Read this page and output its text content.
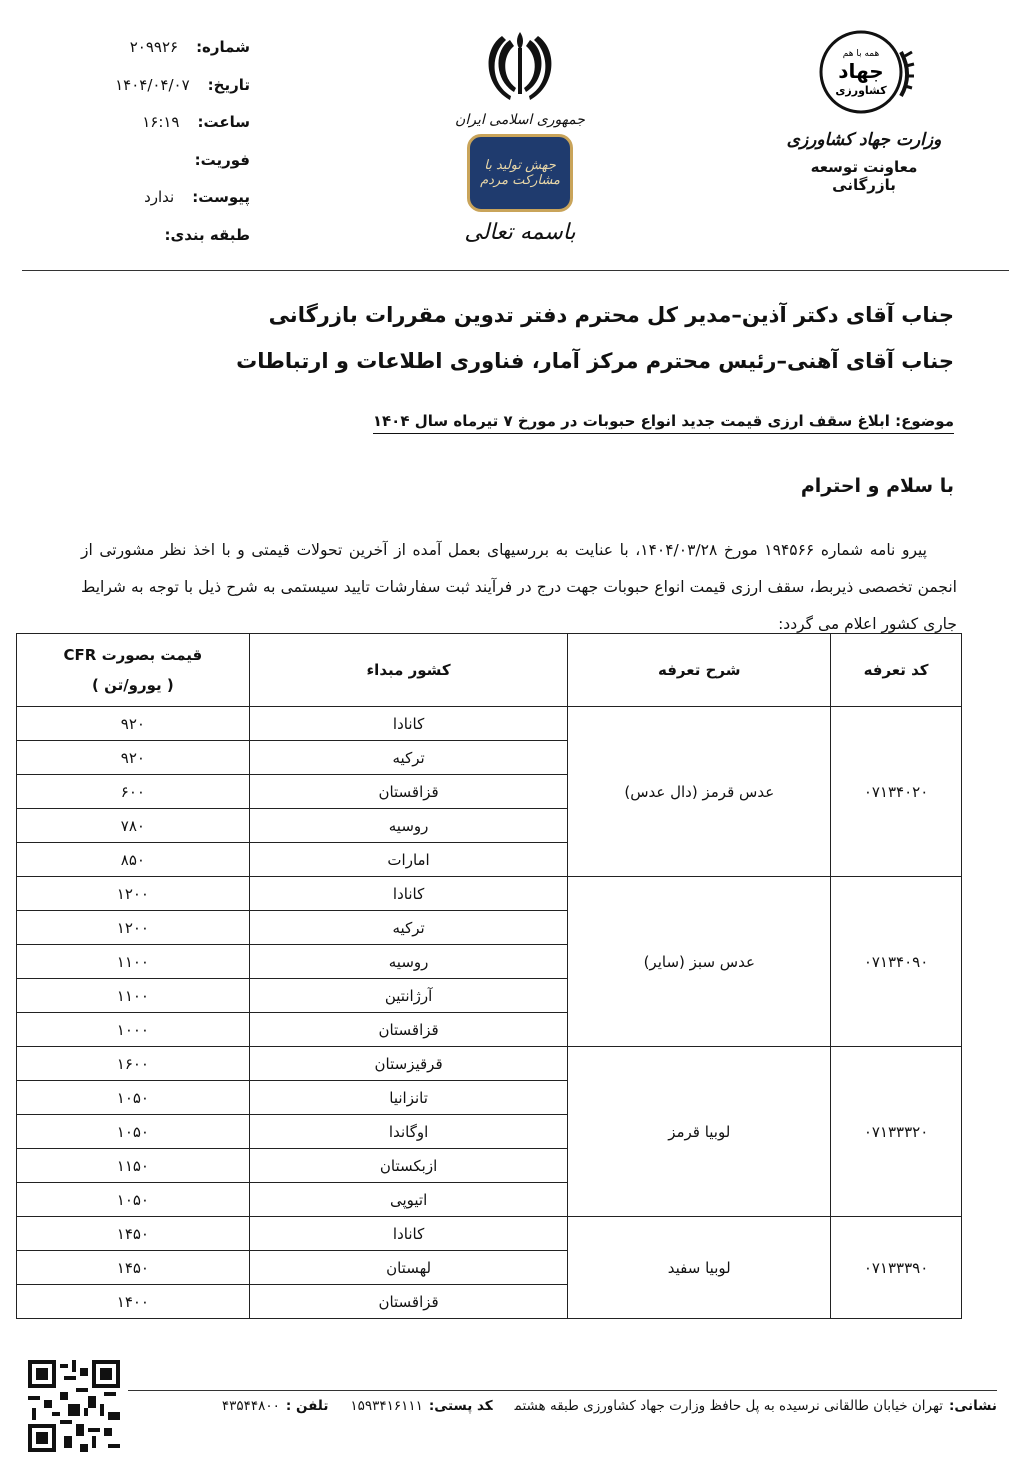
شماره:
۲۰۹۹۲۶
تاریخ:
۱۴۰۴/۰۴/۰۷
ساعت:
۱۶:۱۹
فوریت:
پیوست:
ندارد
طبقه بندی:
جمهوری اسلامی ایران
جهش تولید با مشارکت مردم
باسمه تعالی
همه با هم
جهاد
کشاورزی
وزارت جهاد کشاورزی
معاونت توسعه بازرگانی
جناب آقای دکتر آذین–مدیر کل محترم دفتر تدوین مقررات بازرگانی
جناب آقای آهنی–رئیس محترم مرکز آمار، فناوری اطلاعات و ارتباطات
موضوع: ابلاغ سقف ارزی قیمت جدید انواع حبوبات در مورخ ۷ تیرماه سال ۱۴۰۴
با سلام و احترام
پیرو نامه شماره ۱۹۴۵۶۶ مورخ ۱۴۰۴/۰۳/۲۸، با عنایت به بررسیهای بعمل آمده از آخرین تحولات قیمتی و با اخذ نظر مشورتی از انجمن تخصصی ذیربط، سقف ارزی قیمت انواع حبوبات جهت درج در فرآیند ثبت سفارشات تایید سیستمی به شرح ذیل با توجه به شرایط جاری کشور اعلام می گردد:
کد تعرفه	شرح تعرفه	کشور مبداء	قیمت بصورت CFR
( یورو/تن )

۰۷۱۳۴۰۲۰	عدس قرمز (دال عدس)	کانادا	۹۲۰
		ترکیه	۹۲۰
		قزاقستان	۶۰۰
		روسیه	۷۸۰
		امارات	۸۵۰
۰۷۱۳۴۰۹۰	عدس سبز (سایر)	کانادا	۱۲۰۰
		ترکیه	۱۲۰۰
		روسیه	۱۱۰۰
		آرژانتین	۱۱۰۰
		قزاقستان	۱۰۰۰
۰۷۱۳۳۳۲۰	لوبیا قرمز	قرقیزستان	۱۶۰۰
		تانزانیا	۱۰۵۰
		اوگاندا	۱۰۵۰
		ازبکستان	۱۱۵۰
		اتیوپی	۱۰۵۰
۰۷۱۳۳۳۹۰	لوبیا سفید	کانادا	۱۴۵۰
		لهستان	۱۴۵۰
		قزاقستان	۱۴۰۰
نشانی:تهران خیابان طالقانی نرسیده به پل حافظ وزارت جهاد کشاورزی طبقه هشتمکد پستی:۱۵۹۳۴۱۶۱۱۱تلفن :۴۳۵۴۴۸۰۰
